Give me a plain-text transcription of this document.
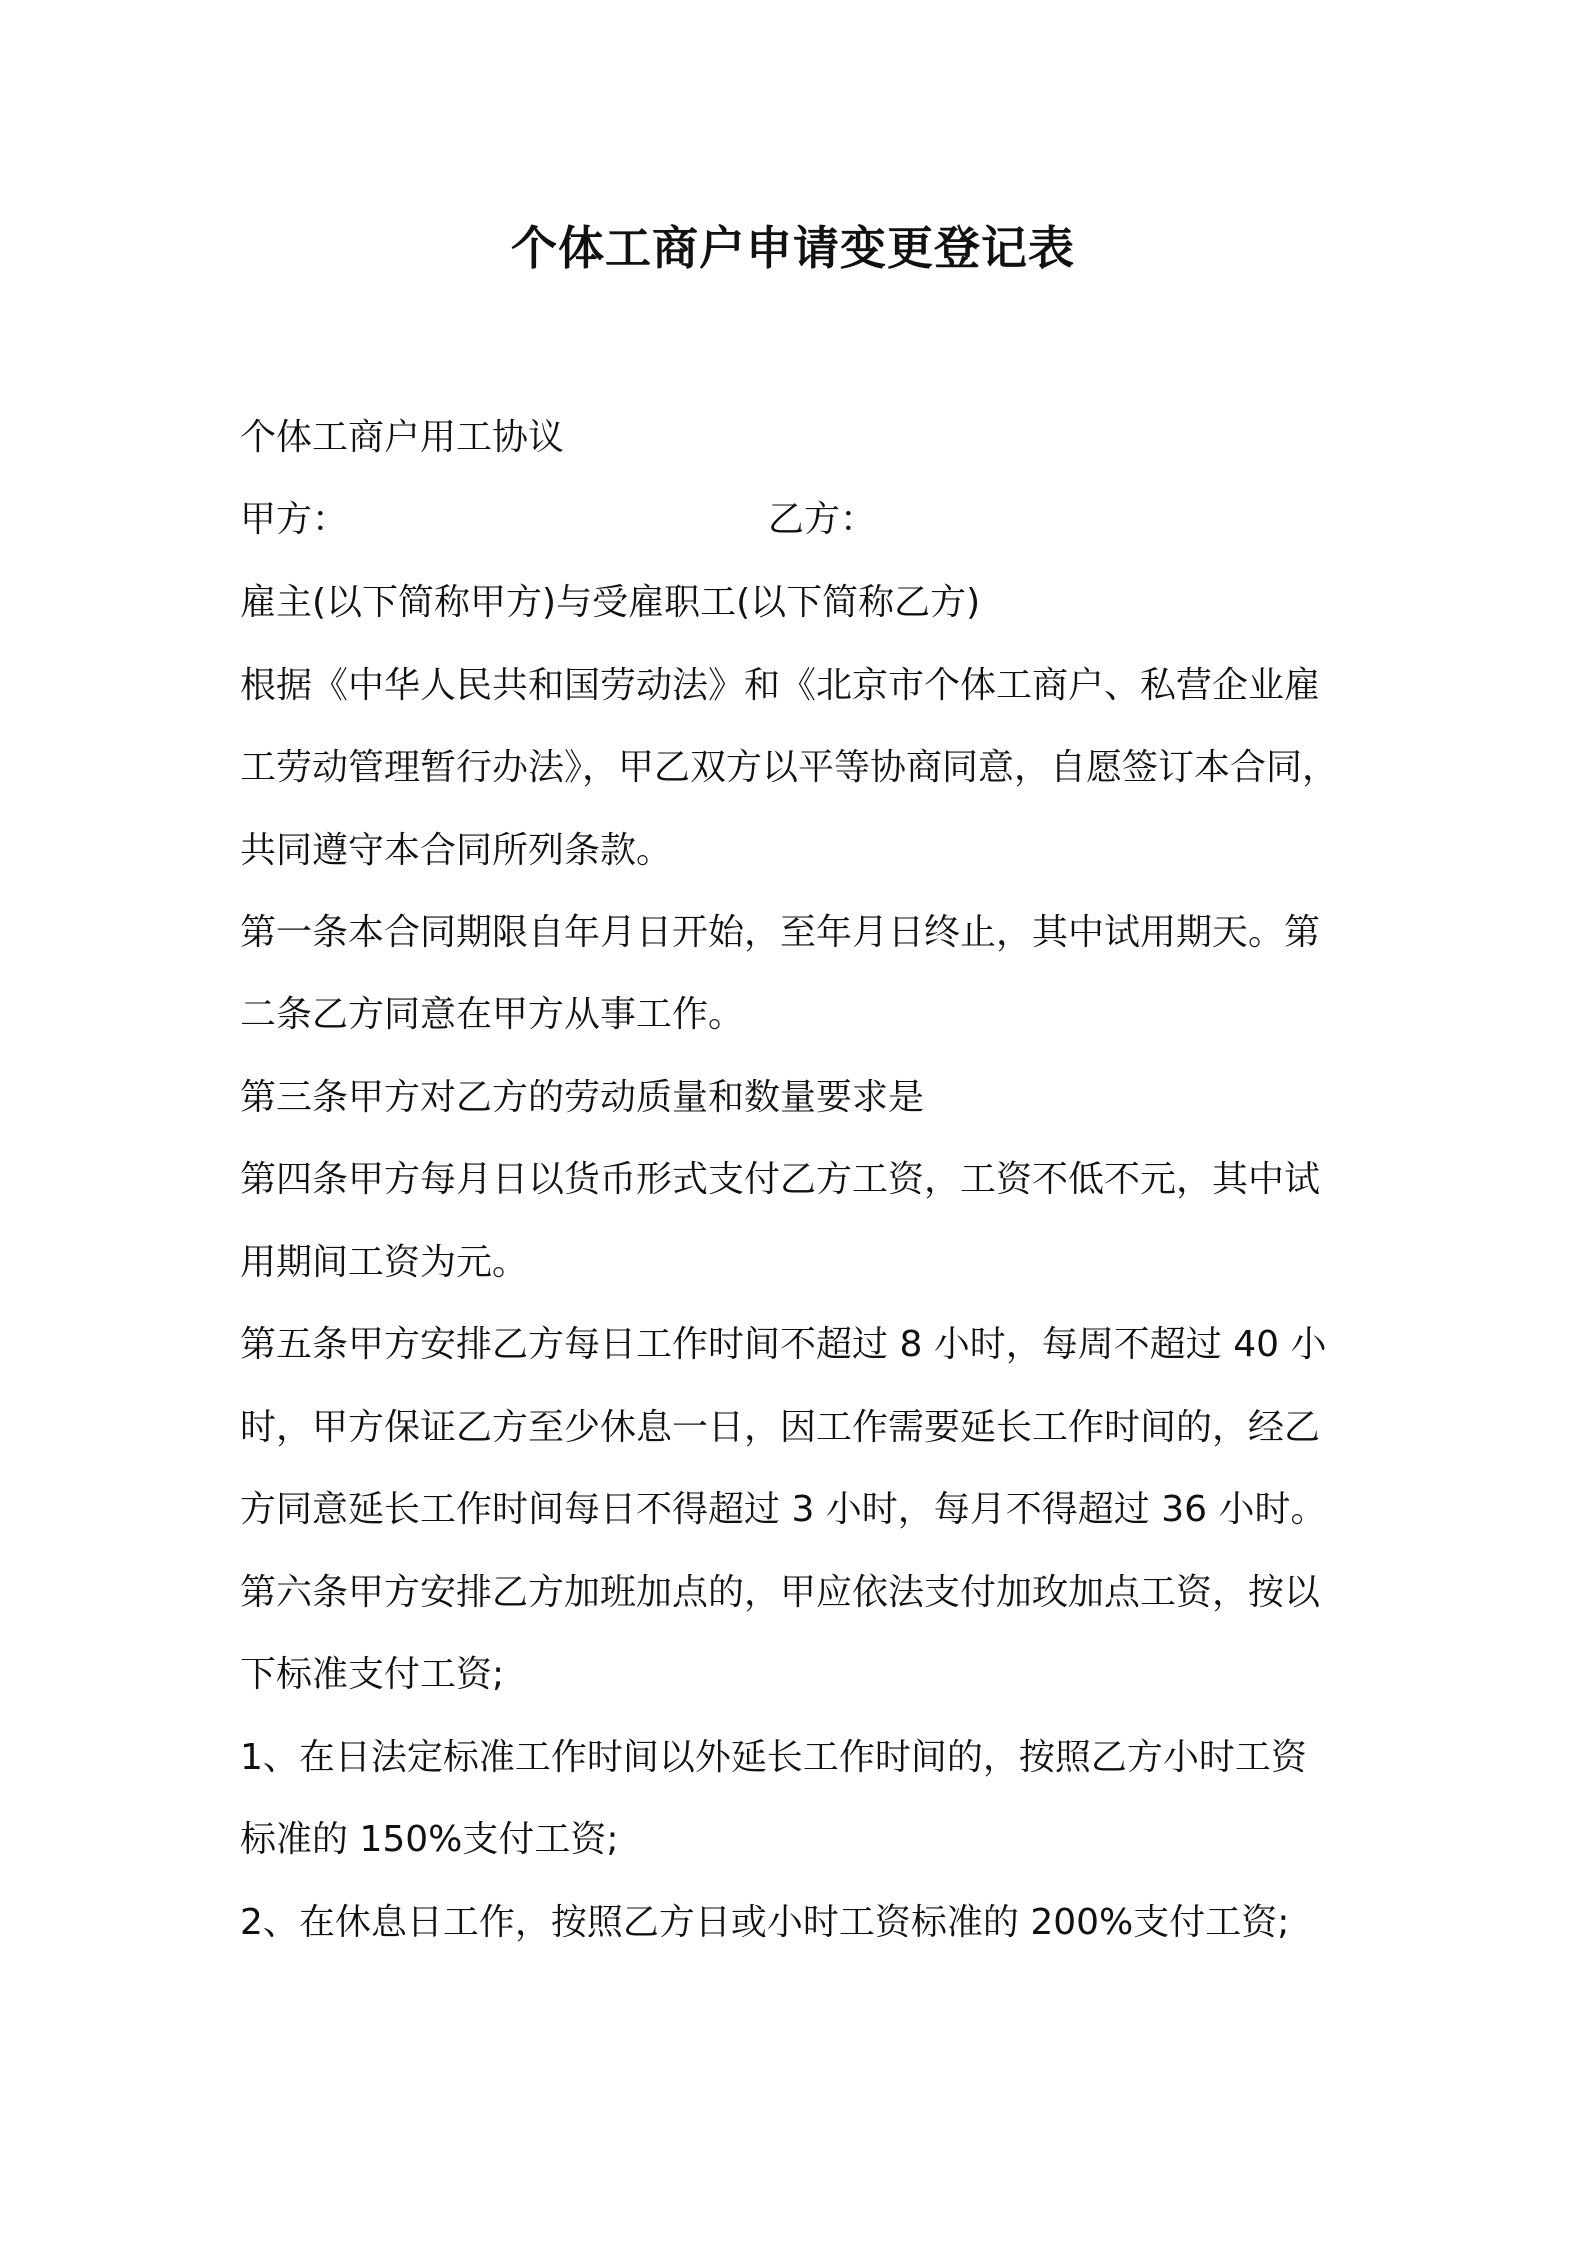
个体工商户申请变更登记表
个体工商户用工协议
甲方：	乙方：
雇主(以下简称甲方)与受雇职工(以下简称乙方)
根据《中华人民共和国劳动法》和《北京市个体工商户、私营企业雇
工劳动管理暂行办法》，甲乙双方以平等协商同意，自愿签订本合同，
共同遵守本合同所列条款。
第一条本合同期限自年月日开始，至年月日终止，其中试用期天。第
二条乙方同意在甲方从事工作。
第三条甲方对乙方的劳动质量和数量要求是
第四条甲方每月日以货币形式支付乙方工资，工资不低不元，其中试
用期间工资为元。
第五条甲方安排乙方每日工作时间不超过 8 小时，每周不超过 40 小
时，甲方保证乙方至少休息一日，因工作需要延长工作时间的，经乙
方同意延长工作时间每日不得超过 3 小时，每月不得超过 36 小时。
第六条甲方安排乙方加班加点的，甲应依法支付加玫加点工资，按以
下标准支付工资;
1、在日法定标准工作时间以外延长工作时间的，按照乙方小时工资
标准的 150%支付工资;
2、在休息日工作，按照乙方日或小时工资标准的 200%支付工资;
